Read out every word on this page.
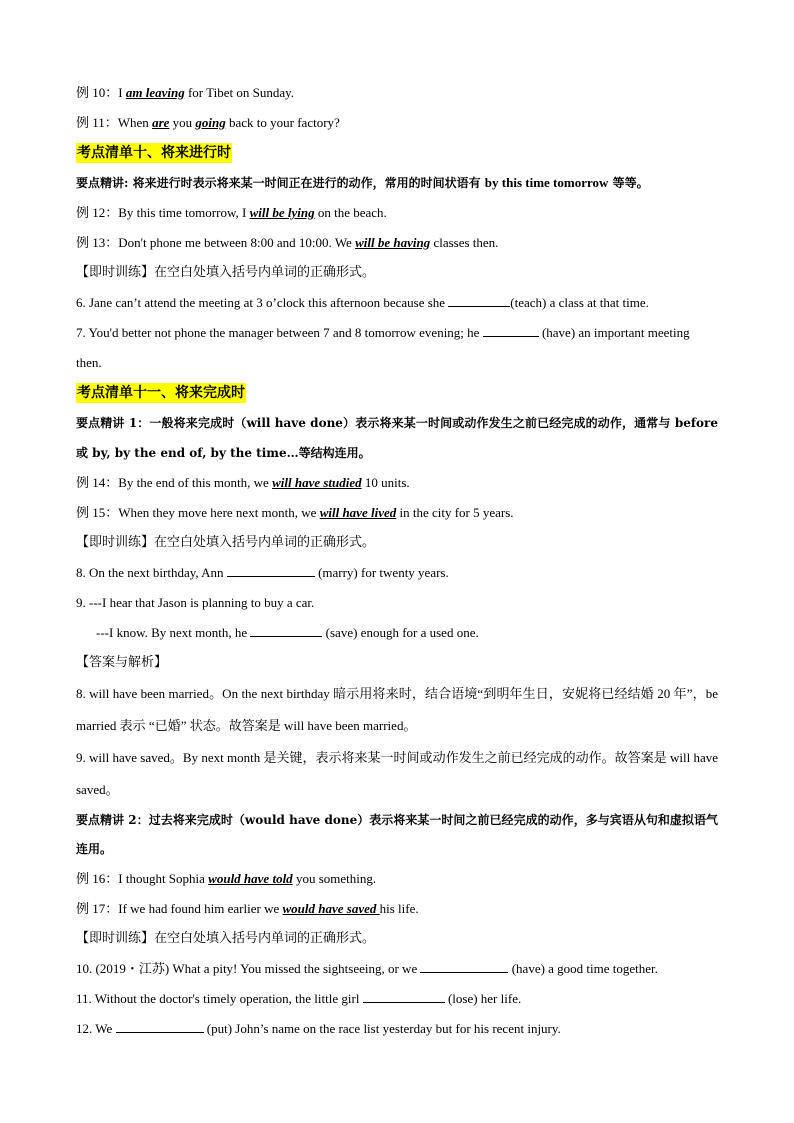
例 10：I am leaving for Tibet on Sunday.
例 11：When are you going back to your factory?
考点清单十、将来进行时
要点精讲: 将来进行时表示将来某一时间正在进行的动作，常用的时间状语有 by this time tomorrow 等等。
例 12：By this time tomorrow, I will be lying on the beach.
例 13：Don't phone me between 8:00 and 10:00. We will be having classes then.
【即时训练】在空白处填入括号内单词的正确形式。
6. Jane can’t attend the meeting at 3 o’clock this afternoon because she	(teach) a class at that time.
7. You'd better not phone the manager between 7 and 8 tomorrow evening; he	(have) an important meeting then.
考点清单十一、将来完成时
要点精讲 1：一般将来完成时（will have done）表示将来某一时间或动作发生之前已经完成的动作，通常与 before 或 by, by the end of, by the time…等结构连用。
例 14：By the end of this month, we will have studied 10 units.
例 15：When they move here next month, we will have lived in the city for 5 years.
【即时训练】在空白处填入括号内单词的正确形式。
8. On the next birthday, Ann	(marry) for twenty years.
9. ---I hear that Jason is planning to buy a car.
---I know. By next month, he	(save) enough for a used one.
【答案与解析】
8. will have been married。On the next birthday 暗示用将来时，结合语境“到明年生日，安妮将已经结婚 20 年”，be married 表示 “已婚” 状态。故答案是 will have been married。
9. will have saved。By next month 是关键，表示将来某一时间或动作发生之前已经完成的动作。故答案是 will have saved。
要点精讲 2：过去将来完成时（would have done）表示将来某一时间之前已经完成的动作，多与宾语从句和虚拟语气连用。
例 16：I thought Sophia would have told you something.
例 17：If we had found him earlier we would have saved his life.
【即时训练】在空白处填入括号内单词的正确形式。
10. (2019・江苏) What a pity! You missed the sightseeing, or we	(have) a good time together.
11. Without the doctor's timely operation, the little girl	(lose) her life.
12. We	(put) John’s name on the race list yesterday but for his recent injury.
